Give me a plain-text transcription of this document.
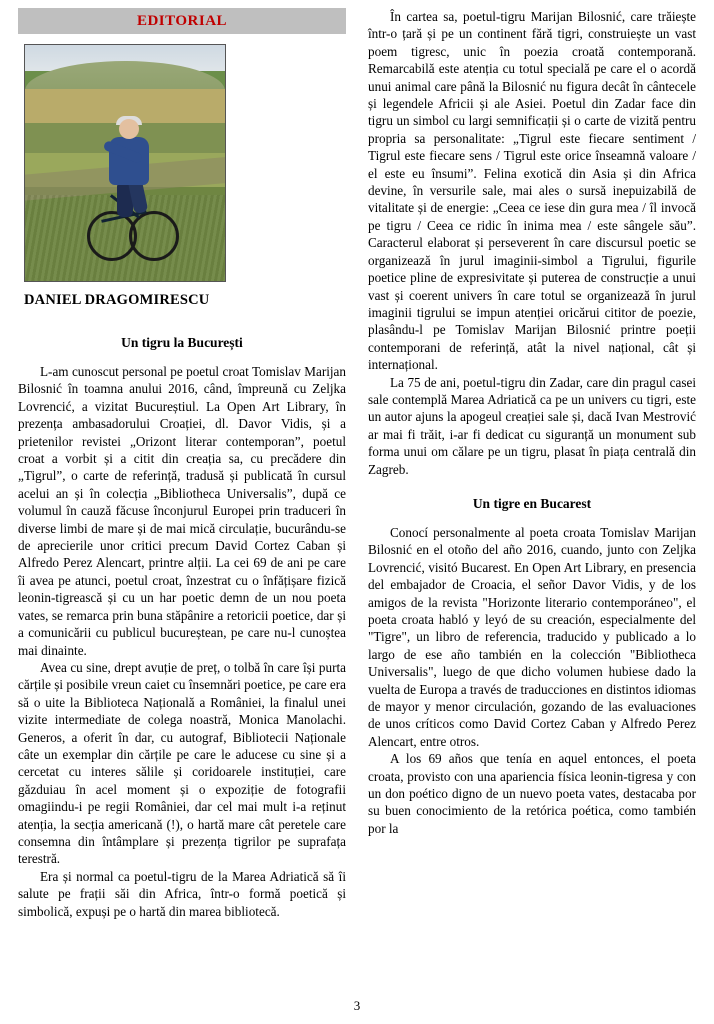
EDITORIAL
DANIEL DRAGOMIRESCU
Un tigru la București

L-am cunoscut personal pe poetul croat Tomislav Marijan Bilosnić în toamna anului 2016, când, împreună cu Zeljka Lovrencić, a vizitat Bucureștiul. La Open Art Library, în prezența ambasadorului Croației, dl. Davor Vidis, și a prietenilor revistei „Orizont literar contemporan”, poetul croat a vorbit și a citit din creația sa, cu precădere din „Tigrul”, o carte de referință, tradusă și publicată în cursul acelui an și în colecția „Bibliotheca Universalis”, după ce volumul în cauză făcuse înconjurul Europei prin traduceri în diverse limbi de mare și de mai mică circulație, bucurându-se de aprecierile unor critici precum David Cortez Caban și Alfredo Perez Alencart, printre alții. La cei 69 de ani pe care îi avea pe atunci, poetul croat, înzestrat cu o înfățișare fizică leonin-tigrească și cu un har poetic demn de un nou poeta vates, se remarca prin buna stăpânire a retoricii poetice, dar și a comunicării cu publicul bucureștean, pe care nu-l cunoștea mai dinainte.

Avea cu sine, drept avuție de preț, o tolbă în care își purta cărțile și posibile vreun caiet cu însemnări poetice, pe care era să o uite la Biblioteca Națională a României, la finalul unei vizite intermediate de colega noastră, Monica Manolachi. Generos, a oferit în dar, cu autograf, Bibliotecii Naționale câte un exemplar din cărțile pe care le aducese cu sine și a cercetat cu interes sălile și coridoarele instituției, care găzduiau în acel moment și o expoziție de fotografii omagiindu-i pe regii României, dar cel mai mult i-a reținut atenția, la secția americană (!), o hartă mare cât peretele care consemna din întâmplare și prezența tigrilor pe suprafața terestră.

Era și normal ca poetul-tigru de la Marea Adriatică să îi salute pe frații săi din Africa, într-o formă poetică și simbolică, expuși pe o hartă din marea bibliotecă.

În cartea sa, poetul-tigru Marijan Bilosnić, care trăiește într-o țară și pe un continent fără tigri, construiește un vast poem tigresc, unic în poezia croată contemporană. Remarcabilă este atenția cu totul specială pe care el o acordă unui animal care până la Bilosnić nu figura decât în cântecele și legendele Africii și ale Asiei. Poetul din Zadar face din tigru un simbol cu largi semnificații și o carte de vizită pentru propria sa personalitate: „Tigrul este fiecare sentiment / Tigrul este fiecare sens / Tigrul este orice înseamnă valoare / el este eu însumi”. Felina exotică din Asia și din Africa devine, în versurile sale, mai ales o sursă inepuizabilă de vitalitate și de energie: „Ceea ce iese din gura mea / îl invocă pe tigru / Ceea ce ridic în inima mea / este sângele său”. Caracterul elaborat și perseverent în care discursul poetic se organizează în jurul imaginii-simbol a Tigrului, figurile poetice pline de expresivitate și puterea de construcție a unui vast și coerent univers în care totul se organizează în jurul imaginii tigrului se impun atenției oricărui cititor de poezie, plasându-l pe Tomislav Marijan Bilosnić printre poeții contemporani de referință, atât la nivel național, cât și internațional.

La 75 de ani, poetul-tigru din Zadar, care din pragul casei sale contemplă Marea Adriatică ca pe un univers cu tigri, este un autor ajuns la apogeul creației sale și, dacă Ivan Mestrović ar mai fi trăit, i-ar fi dedicat cu siguranță un monument sub forma unui om călare pe un tigru, plasat în piața centrală din Zagreb.

Un tigre en Bucarest

Conocí personalmente al poeta croata Tomislav Marijan Bilosnić en el otoño del año 2016, cuando, junto con Zeljka Lovrencić, visitó Bucarest. En Open Art Library, en presencia del embajador de Croacia, el señor Davor Vidis, y de los amigos de la revista "Horizonte literario contemporáneo", el poeta croata habló y leyó de su creación, especialmente del "Tigre", un libro de referencia, traducido y publicado a lo largo de ese año también en la colección "Bibliotheca Universalis", luego de que dicho volumen hubiese dado la vuelta de Europa a través de traducciones en distintos idiomas de mayor y menor circulación, gozando de las evaluaciones de unos críticos como David Cortez Caban y Alfredo Perez Alencart, entre otros.

A los 69 años que tenía en aquel entonces, el poeta croata, provisto con una apariencia física leonin-tigresa y con un don poético digno de un nuevo poeta vates, destacaba por su buen conocimiento de la retórica poética, como también por la

3
